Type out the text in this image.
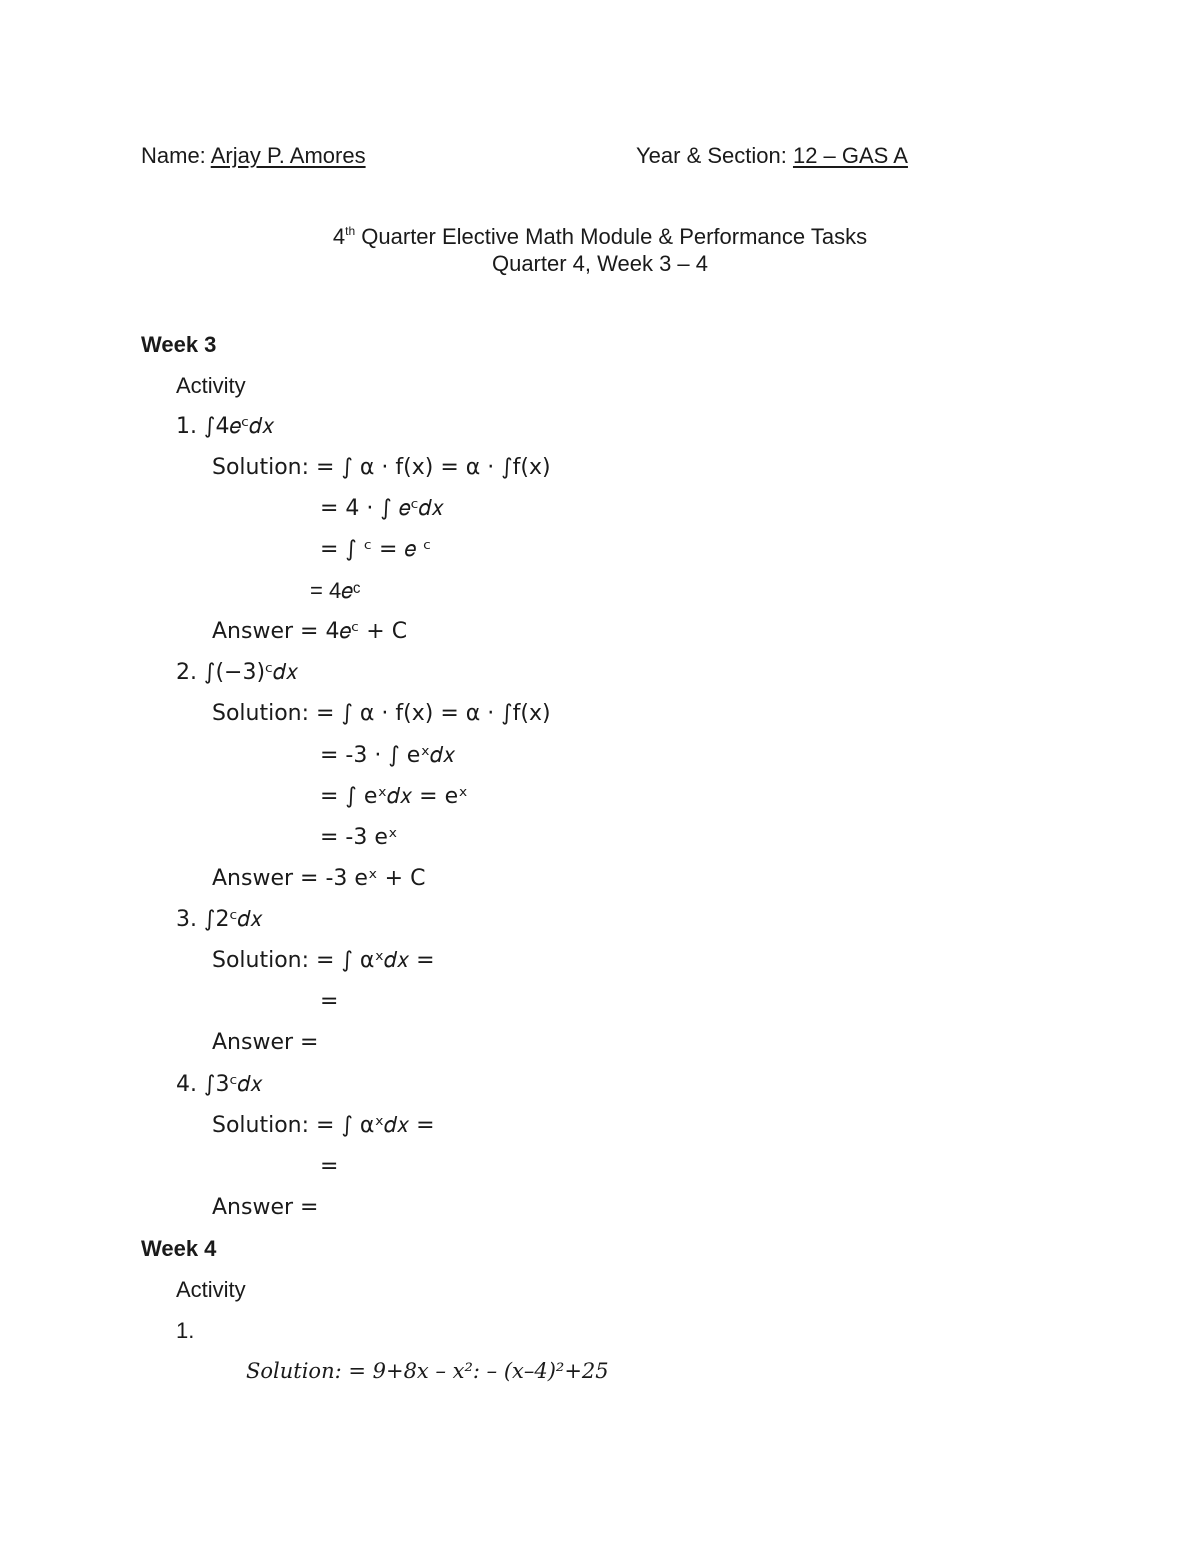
Name: Arjay P. Amores	Year & Section: 12 – GAS A
4th Quarter Elective Math Module & Performance Tasks
Quarter 4, Week 3 – 4
Week 3
Activity
1. ∫4𝑒ᶜ𝑑𝑥
Solution: = ∫ α · f(x) = α · ∫f(x)
= 4 · ∫ 𝑒ᶜ𝑑𝑥
= ∫ ᶜ = 𝑒 ᶜ
= 4𝑒ᶜ
Answer = 4𝑒ᶜ + C
2. ∫(−3)ᶜ𝑑𝑥
Solution: = ∫ α · f(x) = α · ∫f(x)
= -3 · ∫ eˣ𝑑𝑥
= ∫ eˣ𝑑𝑥 = eˣ
= -3 eˣ
Answer = -3 eˣ + C
3. ∫2ᶜ𝑑𝑥
Solution: = ∫ αˣ𝑑𝑥 =
=
Answer =
4. ∫3ᶜ𝑑𝑥
Solution: = ∫ αˣ𝑑𝑥 =
=
Answer =
Week 4
Activity
1.
Solution: = 9+8x – x²: – (x–4)²+25
